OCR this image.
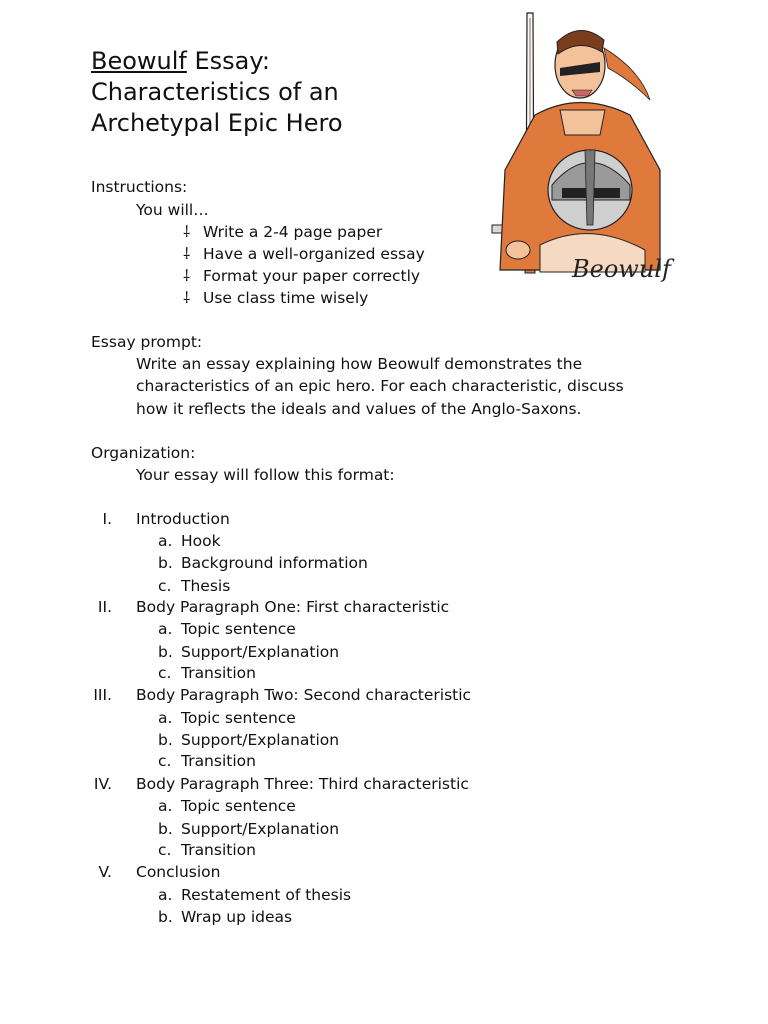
Beowulf Essay:
Characteristics of an
Archetypal Epic Hero
Beowulf
Instructions:
You will…
⸸ Write a 2-4 page paper
⸸ Have a well-organized essay
⸸ Format your paper correctly
⸸ Use class time wisely
Essay prompt:
Write an essay explaining how Beowulf demonstrates the
characteristics of an epic hero. For each characteristic, discuss
how it reflects the ideals and values of the Anglo-Saxons.
Organization:
Your essay will follow this format:
I. Introduction
a. Hook
b. Background information
c. Thesis
II. Body Paragraph One: First characteristic
a. Topic sentence
b. Support/Explanation
c. Transition
III. Body Paragraph Two: Second characteristic
a. Topic sentence
b. Support/Explanation
c. Transition
IV. Body Paragraph Three: Third characteristic
a. Topic sentence
b. Support/Explanation
c. Transition
V. Conclusion
a. Restatement of thesis
b. Wrap up ideas
